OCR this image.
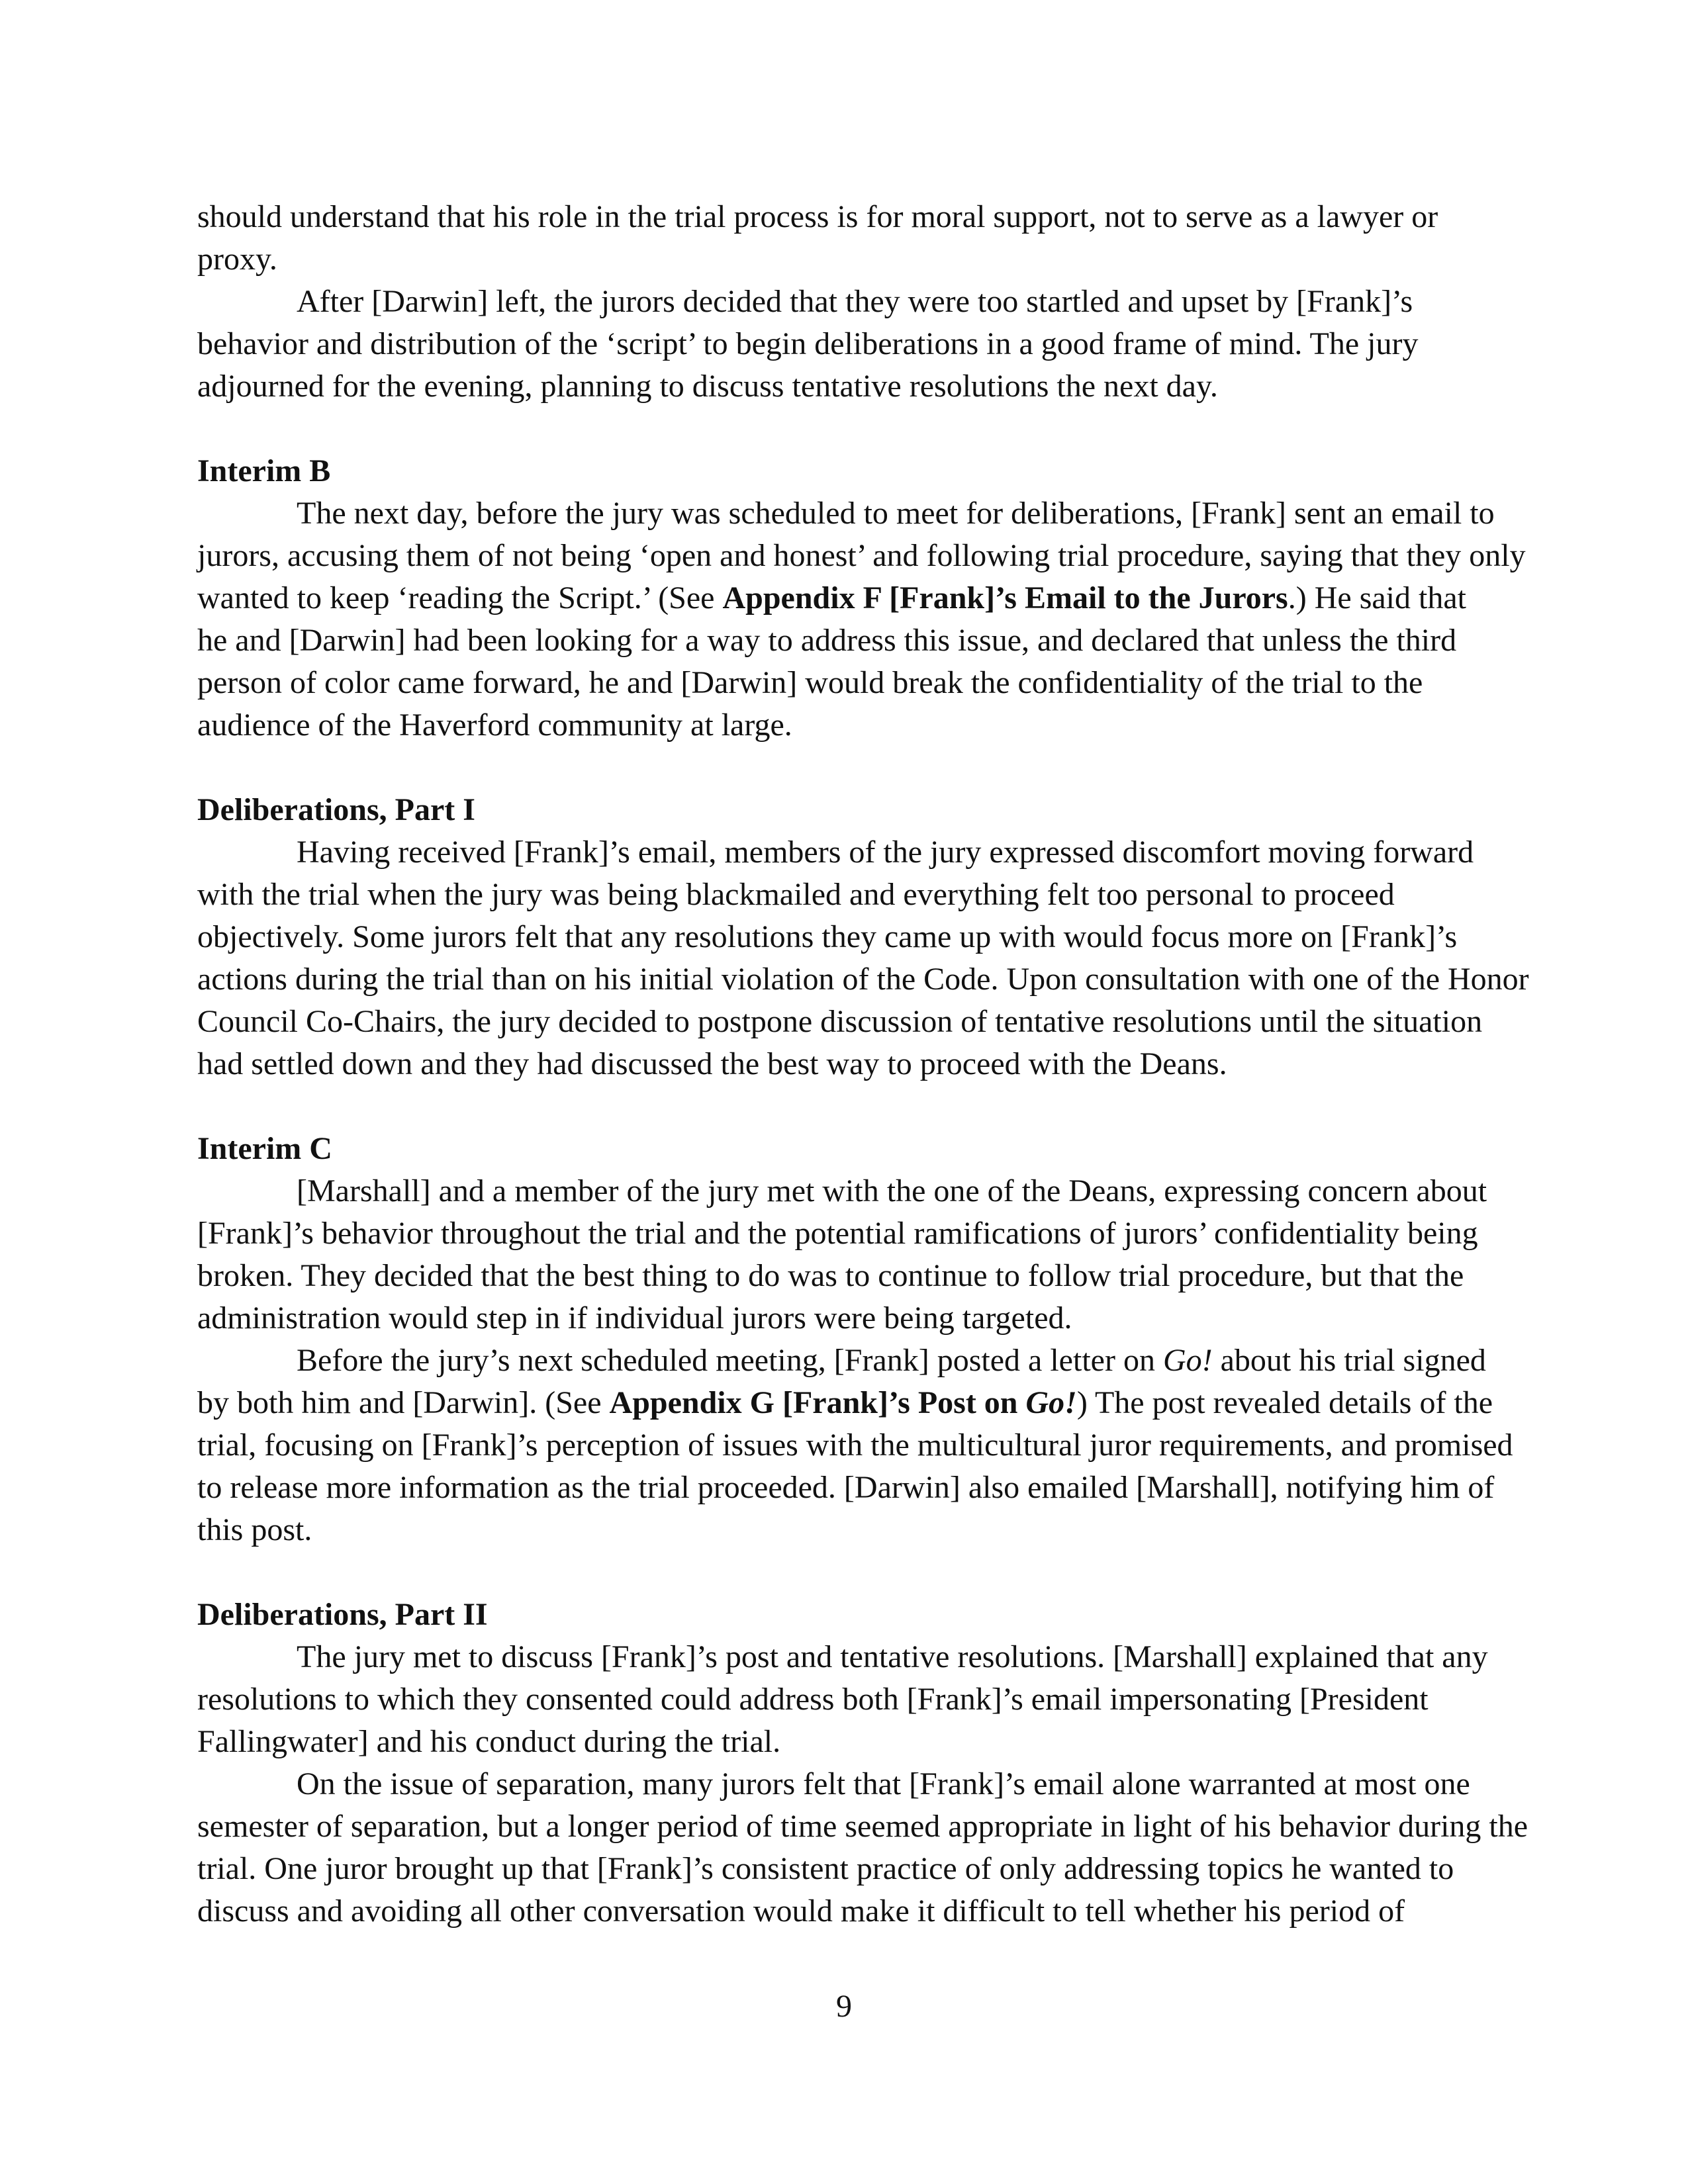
should understand that his role in the trial process is for moral support, not to serve as a lawyer or
proxy.
After [Darwin] left, the jurors decided that they were too startled and upset by [Frank]’s
behavior and distribution of the ‘script’ to begin deliberations in a good frame of mind. The jury
adjourned for the evening, planning to discuss tentative resolutions the next day.
Interim B
The next day, before the jury was scheduled to meet for deliberations, [Frank] sent an email to
jurors, accusing them of not being ‘open and honest’ and following trial procedure, saying that they only
wanted to keep ‘reading the Script.’ (See Appendix F [Frank]’s Email to the Jurors.) He said that
he and [Darwin] had been looking for a way to address this issue, and declared that unless the third
person of color came forward, he and [Darwin] would break the confidentiality of the trial to the
audience of the Haverford community at large.
Deliberations, Part I
Having received [Frank]’s email, members of the jury expressed discomfort moving forward
with the trial when the jury was being blackmailed and everything felt too personal to proceed
objectively. Some jurors felt that any resolutions they came up with would focus more on [Frank]’s
actions during the trial than on his initial violation of the Code. Upon consultation with one of the Honor
Council Co-Chairs, the jury decided to postpone discussion of tentative resolutions until the situation
had settled down and they had discussed the best way to proceed with the Deans.
Interim C
[Marshall] and a member of the jury met with the one of the Deans, expressing concern about
[Frank]’s behavior throughout the trial and the potential ramifications of jurors’ confidentiality being
broken. They decided that the best thing to do was to continue to follow trial procedure, but that the
administration would step in if individual jurors were being targeted.
Before the jury’s next scheduled meeting, [Frank] posted a letter on Go! about his trial signed
by both him and [Darwin]. (See Appendix G [Frank]’s Post on Go!) The post revealed details of the
trial, focusing on [Frank]’s perception of issues with the multicultural juror requirements, and promised
to release more information as the trial proceeded. [Darwin] also emailed [Marshall], notifying him of
this post.
Deliberations, Part II
The jury met to discuss [Frank]’s post and tentative resolutions. [Marshall] explained that any
resolutions to which they consented could address both [Frank]’s email impersonating [President
Fallingwater] and his conduct during the trial.
On the issue of separation, many jurors felt that [Frank]’s email alone warranted at most one
semester of separation, but a longer period of time seemed appropriate in light of his behavior during the
trial. One juror brought up that [Frank]’s consistent practice of only addressing topics he wanted to
discuss and avoiding all other conversation would make it difficult to tell whether his period of
9
